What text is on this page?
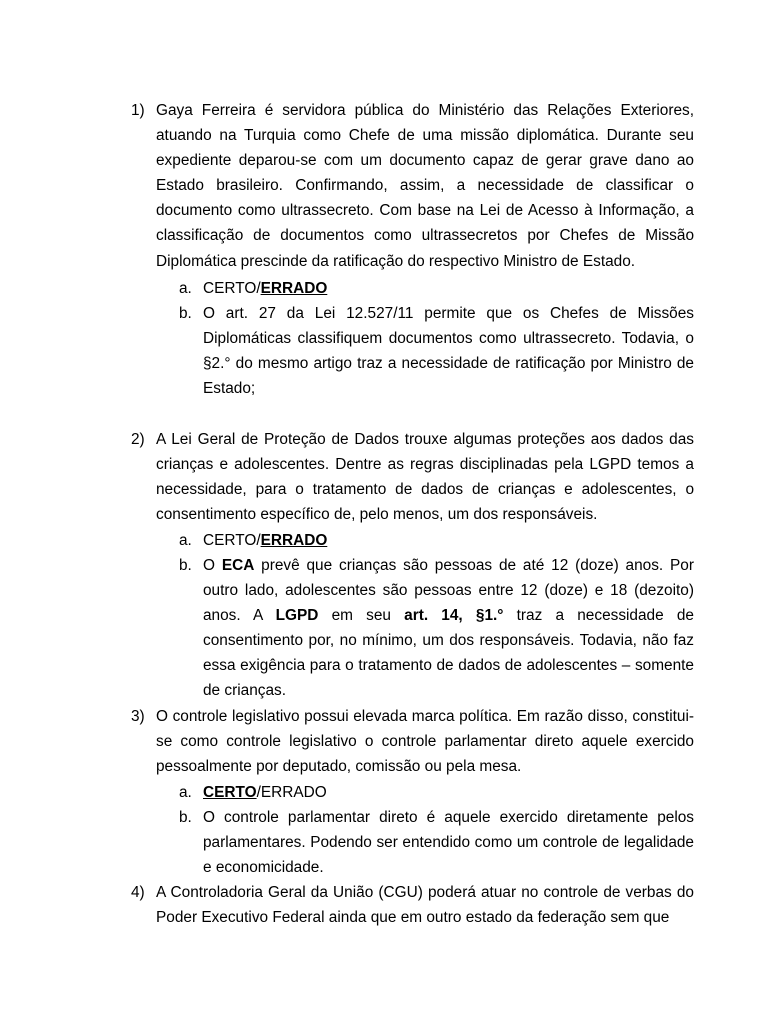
1) Gaya Ferreira é servidora pública do Ministério das Relações Exteriores, atuando na Turquia como Chefe de uma missão diplomática. Durante seu expediente deparou-se com um documento capaz de gerar grave dano ao Estado brasileiro. Confirmando, assim, a necessidade de classificar o documento como ultrassecreto. Com base na Lei de Acesso à Informação, a classificação de documentos como ultrassecretos por Chefes de Missão Diplomática prescinde da ratificação do respectivo Ministro de Estado.
a. CERTO/ERRADO
b. O art. 27 da Lei 12.527/11 permite que os Chefes de Missões Diplomáticas classifiquem documentos como ultrassecreto. Todavia, o §2.° do mesmo artigo traz a necessidade de ratificação por Ministro de Estado;
2) A Lei Geral de Proteção de Dados trouxe algumas proteções aos dados das crianças e adolescentes. Dentre as regras disciplinadas pela LGPD temos a necessidade, para o tratamento de dados de crianças e adolescentes, o consentimento específico de, pelo menos, um dos responsáveis.
a. CERTO/ERRADO
b. O ECA prevê que crianças são pessoas de até 12 (doze) anos. Por outro lado, adolescentes são pessoas entre 12 (doze) e 18 (dezoito) anos. A LGPD em seu art. 14, §1.° traz a necessidade de consentimento por, no mínimo, um dos responsáveis. Todavia, não faz essa exigência para o tratamento de dados de adolescentes – somente de crianças.
3) O controle legislativo possui elevada marca política. Em razão disso, constitui-se como controle legislativo o controle parlamentar direto aquele exercido pessoalmente por deputado, comissão ou pela mesa.
a. CERTO/ERRADO
b. O controle parlamentar direto é aquele exercido diretamente pelos parlamentares. Podendo ser entendido como um controle de legalidade e economicidade.
4) A Controladoria Geral da União (CGU) poderá atuar no controle de verbas do Poder Executivo Federal ainda que em outro estado da federação sem que
